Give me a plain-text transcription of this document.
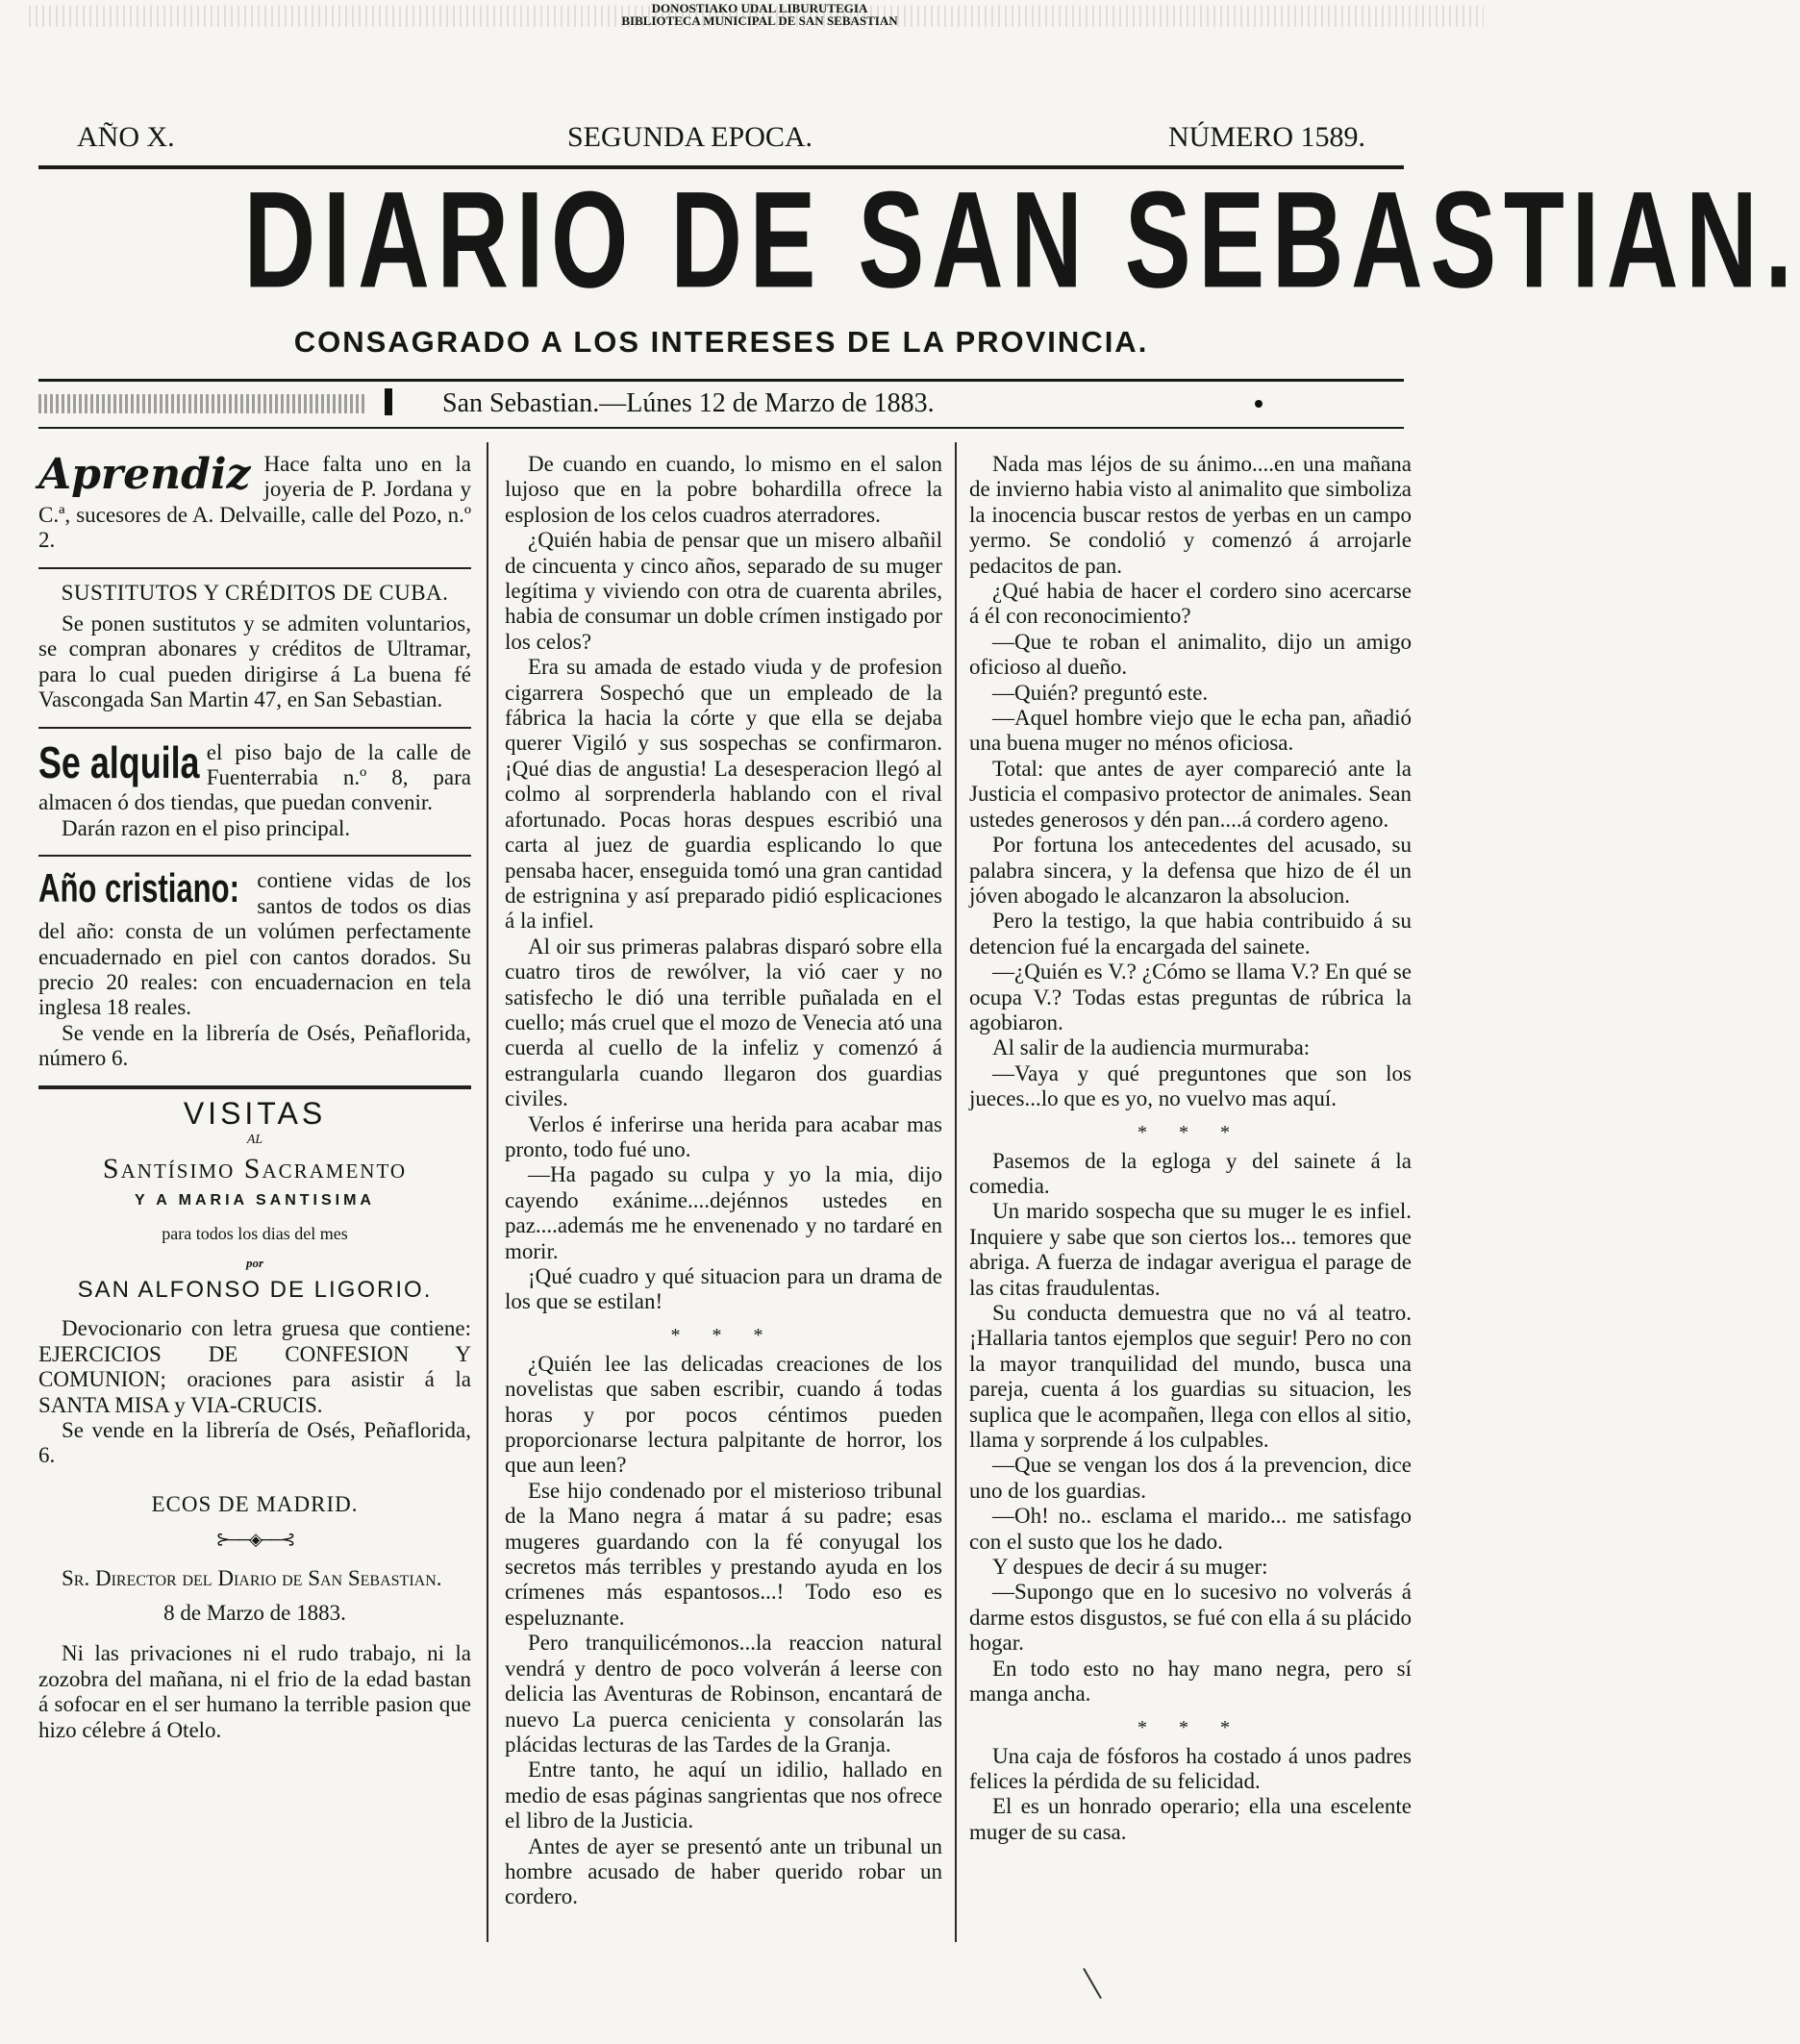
DONOSTIAKO UDAL LIBURUTEGIA
BIBLIOTECA MUNICIPAL DE SAN SEBASTIAN
AÑO X.	SEGUNDA EPOCA.	NÚMERO 1589.
DIARIO DE SAN SEBASTIAN.
CONSAGRADO A LOS INTERESES DE LA PROVINCIA.
San Sebastian.—Lúnes 12 de Marzo de 1883.
Aprendiz Hace falta uno en la joyeria de P. Jordana y C.ª, sucesores de A. Delvaille, calle del Pozo, n.º 2.

SUSTITUTOS Y CRÉDITOS DE CUBA.

Se ponen sustitutos y se admiten voluntarios, se compran abonares y créditos de Ultramar, para lo cual pueden dirigirse á La buena fé Vascongada San Martin 47, en San Sebastian.

Se alquila el piso bajo de la calle de Fuenterrabia n.º 8, para almacen ó dos tiendas, que puedan convenir.

Darán razon en el piso principal.

Año cristiano: contiene vidas de los santos de todos os dias del año: consta de un volúmen perfectamente encuadernado en piel con cantos dorados. Su precio 20 reales: con encuadernacion en tela inglesa 18 reales.

Se vende en la librería de Osés, Peñaflorida, número 6.

VISITAS
AL
Santísimo Sacramento
Y A MARIA SANTISIMA
para todos los dias del mes
por
SAN ALFONSO DE LIGORIO.

Devocionario con letra gruesa que contiene: EJERCICIOS DE CONFESION Y COMUNION; oraciones para asistir á la SANTA MISA y VIA-CRUCIS.

Se vende en la librería de Osés, Peñaflorida, 6.

ECOS DE MADRID.
⊱──◈──⊰

Sr. Director del Diario de San Sebastian.

8 de Marzo de 1883.

Ni las privaciones ni el rudo trabajo, ni la zozobra del mañana, ni el frio de la edad bastan á sofocar en el ser humano la terrible pasion que hizo célebre á Otelo.

De cuando en cuando, lo mismo en el salon lujoso que en la pobre bohardilla ofrece la esplosion de los celos cuadros aterradores.

¿Quién habia de pensar que un misero albañil de cincuenta y cinco años, separado de su muger legítima y viviendo con otra de cuarenta abriles, habia de consumar un doble crímen instigado por los celos?

Era su amada de estado viuda y de profesion cigarrera Sospechó que un empleado de la fábrica la hacia la córte y que ella se dejaba querer Vigiló y sus sospechas se confirmaron. ¡Qué dias de angustia! La desesperacion llegó al colmo al sorprenderla hablando con el rival afortunado. Pocas horas despues escribió una carta al juez de guardia esplicando lo que pensaba hacer, enseguida tomó una gran cantidad de estrignina y así preparado pidió esplicaciones á la infiel.

Al oir sus primeras palabras disparó sobre ella cuatro tiros de rewólver, la vió caer y no satisfecho le dió una terrible puñalada en el cuello; más cruel que el mozo de Venecia ató una cuerda al cuello de la infeliz y comenzó á estrangularla cuando llegaron dos guardias civiles.

Verlos é inferirse una herida para acabar mas pronto, todo fué uno.

—Ha pagado su culpa y yo la mia, dijo cayendo exánime....dejénnos ustedes en paz....además me he envenenado y no tardaré en morir.

¡Qué cuadro y qué situacion para un drama de los que se estilan!

* * *

¿Quién lee las delicadas creaciones de los novelistas que saben escribir, cuando á todas horas y por pocos céntimos pueden proporcionarse lectura palpitante de horror, los que aun leen?

Ese hijo condenado por el misterioso tribunal de la Mano negra á matar á su padre; esas mugeres guardando con la fé conyugal los secretos más terribles y prestando ayuda en los crímenes más espantosos...! Todo eso es espeluznante.

Pero tranquilicémonos...la reaccion natural vendrá y dentro de poco volverán á leerse con delicia las Aventuras de Robinson, encantará de nuevo La puerca cenicienta y consolarán las plácidas lecturas de las Tardes de la Granja.

Entre tanto, he aquí un idilio, hallado en medio de esas páginas sangrientas que nos ofrece el libro de la Justicia.

Antes de ayer se presentó ante un tribunal un hombre acusado de haber querido robar un cordero.

Nada mas léjos de su ánimo....en una mañana de invierno habia visto al animalito que simboliza la inocencia buscar restos de yerbas en un campo yermo. Se condolió y comenzó á arrojarle pedacitos de pan.

¿Qué habia de hacer el cordero sino acercarse á él con reconocimiento?

—Que te roban el animalito, dijo un amigo oficioso al dueño.

—Quién? preguntó este.

—Aquel hombre viejo que le echa pan, añadió una buena muger no ménos oficiosa.

Total: que antes de ayer compareció ante la Justicia el compasivo protector de animales. Sean ustedes generosos y dén pan....á cordero ageno.

Por fortuna los antecedentes del acusado, su palabra sincera, y la defensa que hizo de él un jóven abogado le alcanzaron la absolucion.

Pero la testigo, la que habia contribuido á su detencion fué la encargada del sainete.

—¿Quién es V.? ¿Cómo se llama V.? En qué se ocupa V.? Todas estas preguntas de rúbrica la agobiaron.

Al salir de la audiencia murmuraba:

—Vaya y qué preguntones que son los jueces...lo que es yo, no vuelvo mas aquí.

* * *

Pasemos de la egloga y del sainete á la comedia.

Un marido sospecha que su muger le es infiel. Inquiere y sabe que son ciertos los... temores que abriga. A fuerza de indagar averigua el parage de las citas fraudulentas.

Su conducta demuestra que no vá al teatro. ¡Hallaria tantos ejemplos que seguir! Pero no con la mayor tranquilidad del mundo, busca una pareja, cuenta á los guardias su situacion, les suplica que le acompañen, llega con ellos al sitio, llama y sorprende á los culpables.

—Que se vengan los dos á la prevencion, dice uno de los guardias.

—Oh! no.. esclama el marido... me satisfago con el susto que los he dado.

Y despues de decir á su muger:

—Supongo que en lo sucesivo no volverás á darme estos disgustos, se fué con ella á su plácido hogar.

En todo esto no hay mano negra, pero sí manga ancha.

* * *

Una caja de fósforos ha costado á unos padres felices la pérdida de su felicidad.

El es un honrado operario; ella una escelente muger de su casa.
